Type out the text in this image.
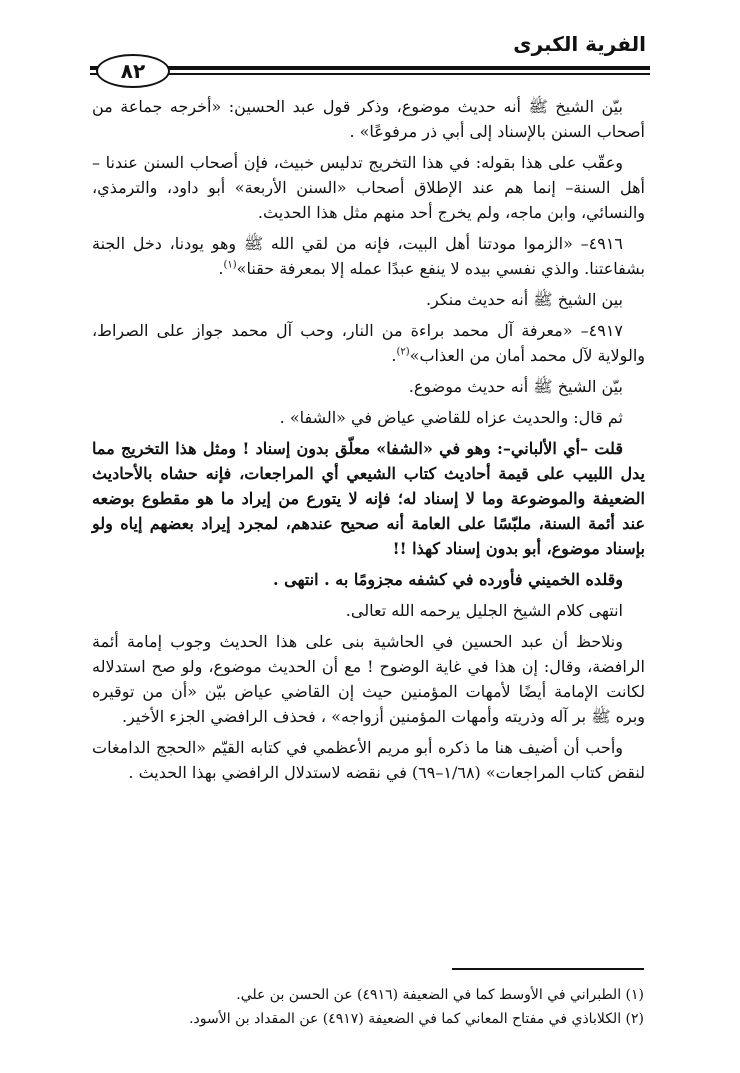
الفرية الكبرى
٨٢

بيّن الشيخ ﷺ أنه حديث موضوع، وذكر قول عبد الحسين: «أخرجه جماعة من أصحاب السنن بالإسناد إلى أبي ذر مرفوعًا» .

وعقّب على هذا بقوله: في هذا التخريج تدليس خبيث، فإن أصحاب السنن عندنا – أهل السنة– إنما هم عند الإطلاق أصحاب «السنن الأربعة» أبو داود، والترمذي، والنسائي، وابن ماجه، ولم يخرج أحد منهم مثل هذا الحديث.

٤٩١٦– «الزموا مودتنا أهل البيت، فإنه من لقي الله ﷺ وهو يودنا، دخل الجنة بشفاعتنا. والذي نفسي بيده لا ينفع عبدًا عمله إلا بمعرفة حقنا»$^{(١)}$.

بين الشيخ ﷺ أنه حديث منكر.

٤٩١٧– «معرفة آل محمد براءة من النار، وحب آل محمد جواز على الصراط، والولاية لآل محمد أمان من العذاب»$^{(٢)}$.

بيّن الشيخ ﷺ أنه حديث موضوع.

ثم قال: والحديث عزاه للقاضي عياض في «الشفا» .

قلت –أي الألباني–: وهو في «الشفا» معلّق بدون إسناد ! ومثل هذا التخريج مما يدل اللبيب على قيمة أحاديث كتاب الشيعي أي المراجعات، فإنه حشاه بالأحاديث الضعيفة والموضوعة وما لا إسناد له؛ فإنه لا يتورع من إيراد ما هو مقطوع بوضعه عند أئمة السنة، ملبّسًا على العامة أنه صحيح عندهم، لمجرد إيراد بعضهم إياه ولو بإسناد موضوع، أبو بدون إسناد كهذا !!

وقلده الخميني فأورده في كشفه مجزومًا به . انتهى .

انتهى كلام الشيخ الجليل يرحمه الله تعالى.

ونلاحظ أن عبد الحسين في الحاشية بنى على هذا الحديث وجوب إمامة أئمة الرافضة، وقال: إن هذا في غاية الوضوح ! مع أن الحديث موضوع، ولو صح استدلاله لكانت الإمامة أيضًا لأمهات المؤمنين حيث إن القاضي عياض بيّن «أن من توقيره وبره ﷺ بر آله وذريته وأمهات المؤمنين أزواجه» ، فحذف الرافضي الجزء الأخير.

وأحب أن أضيف هنا ما ذكره أبو مريم الأعظمي في كتابه القيّم «الحجج الدامغات لنقض كتاب المراجعات» (١/٦٨–٦٩) في نقضه لاستدلال الرافضي بهذا الحديث .

(١) الطبراني في الأوسط كما في الضعيفة (٤٩١٦) عن الحسن بن علي.

(٢) الكلاباذي في مفتاح المعاني كما في الضعيفة (٤٩١٧) عن المقداد بن الأسود.
